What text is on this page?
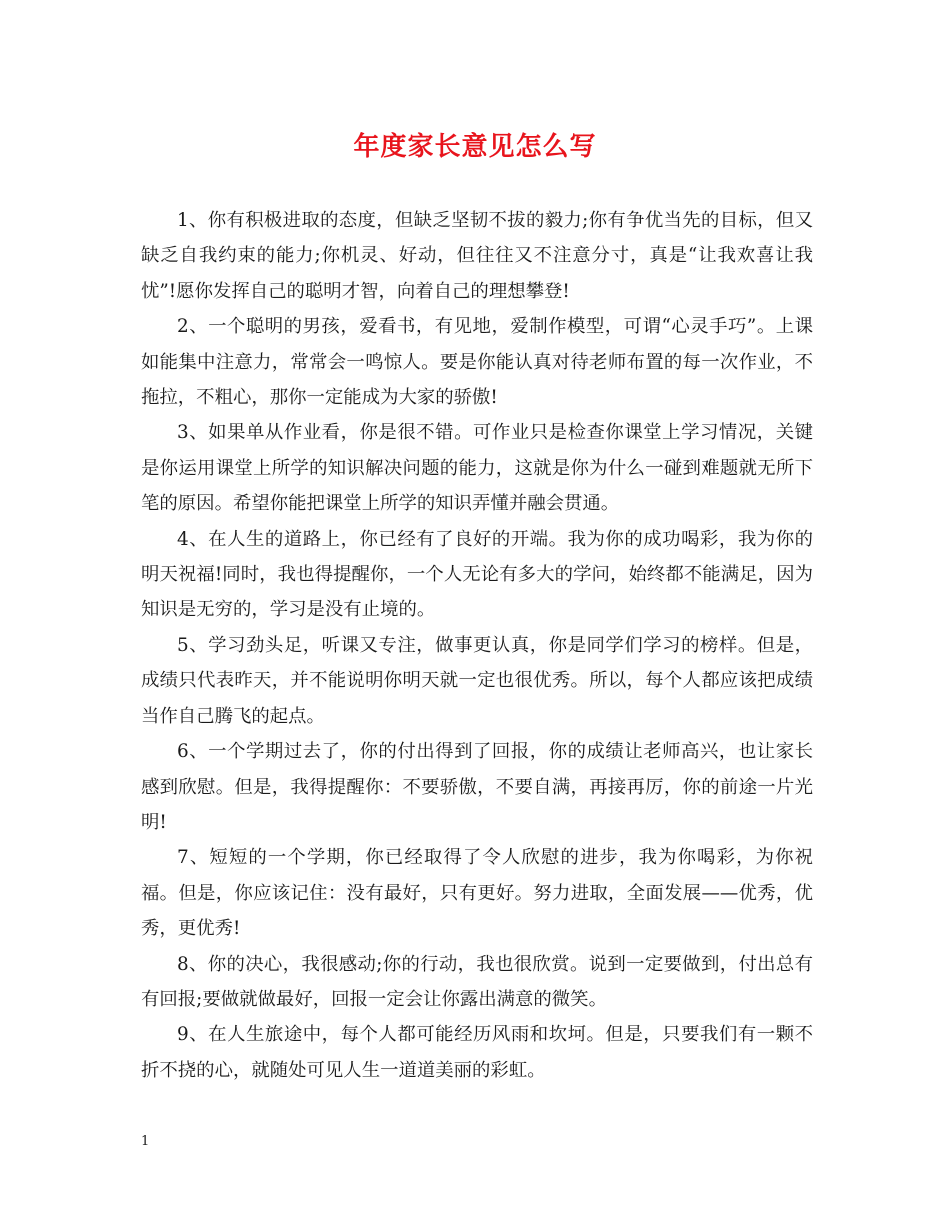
年度家长意见怎么写

1、你有积极进取的态度，但缺乏坚韧不拔的毅力;你有争优当先的目标，但又缺乏自我约束的能力;你机灵、好动，但往往又不注意分寸，真是“让我欢喜让我忧”!愿你发挥自己的聪明才智，向着自己的理想攀登!

2、一个聪明的男孩，爱看书，有见地，爱制作模型，可谓“心灵手巧”。上课如能集中注意力，常常会一鸣惊人。要是你能认真对待老师布置的每一次作业，不拖拉，不粗心，那你一定能成为大家的骄傲!

3、如果单从作业看，你是很不错。可作业只是检查你课堂上学习情况，关键是你运用课堂上所学的知识解决问题的能力，这就是你为什么一碰到难题就无所下笔的原因。希望你能把课堂上所学的知识弄懂并融会贯通。

4、在人生的道路上，你已经有了良好的开端。我为你的成功喝彩，我为你的明天祝福!同时，我也得提醒你，一个人无论有多大的学问，始终都不能满足，因为知识是无穷的，学习是没有止境的。

5、学习劲头足，听课又专注，做事更认真，你是同学们学习的榜样。但是，成绩只代表昨天，并不能说明你明天就一定也很优秀。所以，每个人都应该把成绩当作自己腾飞的起点。

6、一个学期过去了，你的付出得到了回报，你的成绩让老师高兴，也让家长感到欣慰。但是，我得提醒你：不要骄傲，不要自满，再接再厉，你的前途一片光明!

7、短短的一个学期，你已经取得了令人欣慰的进步，我为你喝彩，为你祝福。但是，你应该记住：没有最好，只有更好。努力进取，全面发展——优秀，优秀，更优秀!

8、你的决心，我很感动;你的行动，我也很欣赏。说到一定要做到，付出总有有回报;要做就做最好，回报一定会让你露出满意的微笑。

9、在人生旅途中，每个人都可能经历风雨和坎坷。但是，只要我们有一颗不折不挠的心，就随处可见人生一道道美丽的彩虹。

1
